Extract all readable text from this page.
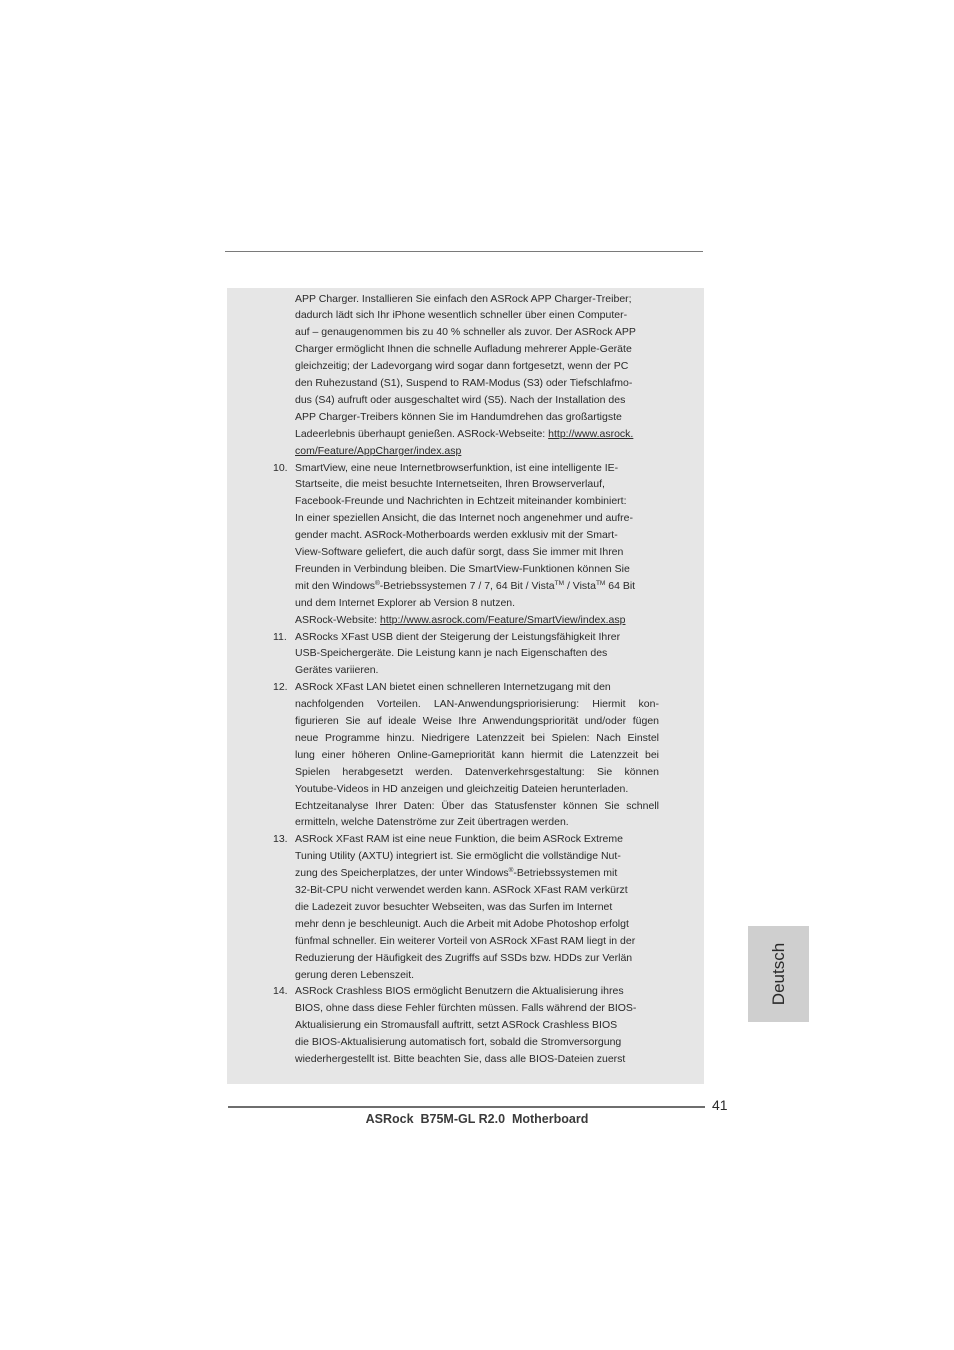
APP Charger. Installieren Sie einfach den ASRock APP Charger-Treiber;
dadurch lädt sich Ihr iPhone wesentlich schneller über einen Computer-
auf – genaugenommen bis zu 40 % schneller als zuvor. Der ASRock APP
Charger ermöglicht Ihnen die schnelle Aufladung mehrerer Apple-Geräte
gleichzeitig; der Ladevorgang wird sogar dann fortgesetzt, wenn der PC
den Ruhezustand (S1), Suspend to RAM-Modus (S3) oder Tiefschlafmo-
dus (S4) aufruft oder ausgeschaltet wird (S5). Nach der Installation des
APP Charger-Treibers können Sie im Handumdrehen das großartigste
Ladeerlebnis überhaupt genießen. ASRock-Webseite: http://www.asrock.
com/Feature/AppCharger/index.asp
10. SmartView, eine neue Internetbrowserfunktion, ist eine intelligente IE-
Startseite, die meist besuchte Internetseiten, Ihren Browserverlauf,
Facebook-Freunde und Nachrichten in Echtzeit miteinander kombiniert:
In einer speziellen Ansicht, die das Internet noch angenehmer und aufre-
gender macht. ASRock-Motherboards werden exklusiv mit der Smart-
View-Software geliefert, die auch dafür sorgt, dass Sie immer mit Ihren
Freunden in Verbindung bleiben. Die SmartView-Funktionen können Sie
mit den Windows®-Betriebssystemen 7 / 7, 64 Bit / Vista™ / Vista™ 64 Bit
und dem Internet Explorer ab Version 8 nutzen.
ASRock-Website: http://www.asrock.com/Feature/SmartView/index.asp
11. ASRocks XFast USB dient der Steigerung der Leistungsfähigkeit Ihrer
USB-Speichergeräte. Die Leistung kann je nach Eigenschaften des
Gerätes variieren.
12. ASRock XFast LAN bietet einen schnelleren Internetzugang mit den
nachfolgenden Vorteilen. LAN-Anwendungspriorisierung: Hiermit kon-
figurieren Sie auf ideale Weise Ihre Anwendungspriorität und/oder fügen
neue Programme hinzu. Niedrigere Latenzzeit bei Spielen: Nach Einstel
lung einer höheren Online-Gamepriorität kann hiermit die Latenzzeit bei
Spielen herabgesetzt werden. Datenverkehrsgestaltung: Sie können
Youtube-Videos in HD anzeigen und gleichzeitig Dateien herunterladen.
Echtzeitanalyse Ihrer Daten: Über das Statusfenster können Sie schnell
ermitteln, welche Datenströme zur Zeit übertragen werden.
13. ASRock XFast RAM ist eine neue Funktion, die beim ASRock Extreme
Tuning Utility (AXTU) integriert ist. Sie ermöglicht die vollständige Nut-
zung des Speicherplatzes, der unter Windows®-Betriebssystemen mit
32-Bit-CPU nicht verwendet werden kann. ASRock XFast RAM verkürzt
die Ladezeit zuvor besuchter Webseiten, was das Surfen im Internet
mehr denn je beschleunigt. Auch die Arbeit mit Adobe Photoshop erfolgt
fünfmal schneller. Ein weiterer Vorteil von ASRock XFast RAM liegt in der
Reduzierung der Häufigkeit des Zugriffs auf SSDs bzw. HDDs zur Verlän
gerung deren Lebenszeit.
14. ASRock Crashless BIOS ermöglicht Benutzern die Aktualisierung ihres
BIOS, ohne dass diese Fehler fürchten müssen. Falls während der BIOS-
Aktualisierung ein Stromausfall auftritt, setzt ASRock Crashless BIOS
die BIOS-Aktualisierung automatisch fort, sobald die Stromversorgung
wiederhergestellt ist. Bitte beachten Sie, dass alle BIOS-Dateien zuerst
Deutsch
41
ASRock  B75M-GL R2.0  Motherboard
